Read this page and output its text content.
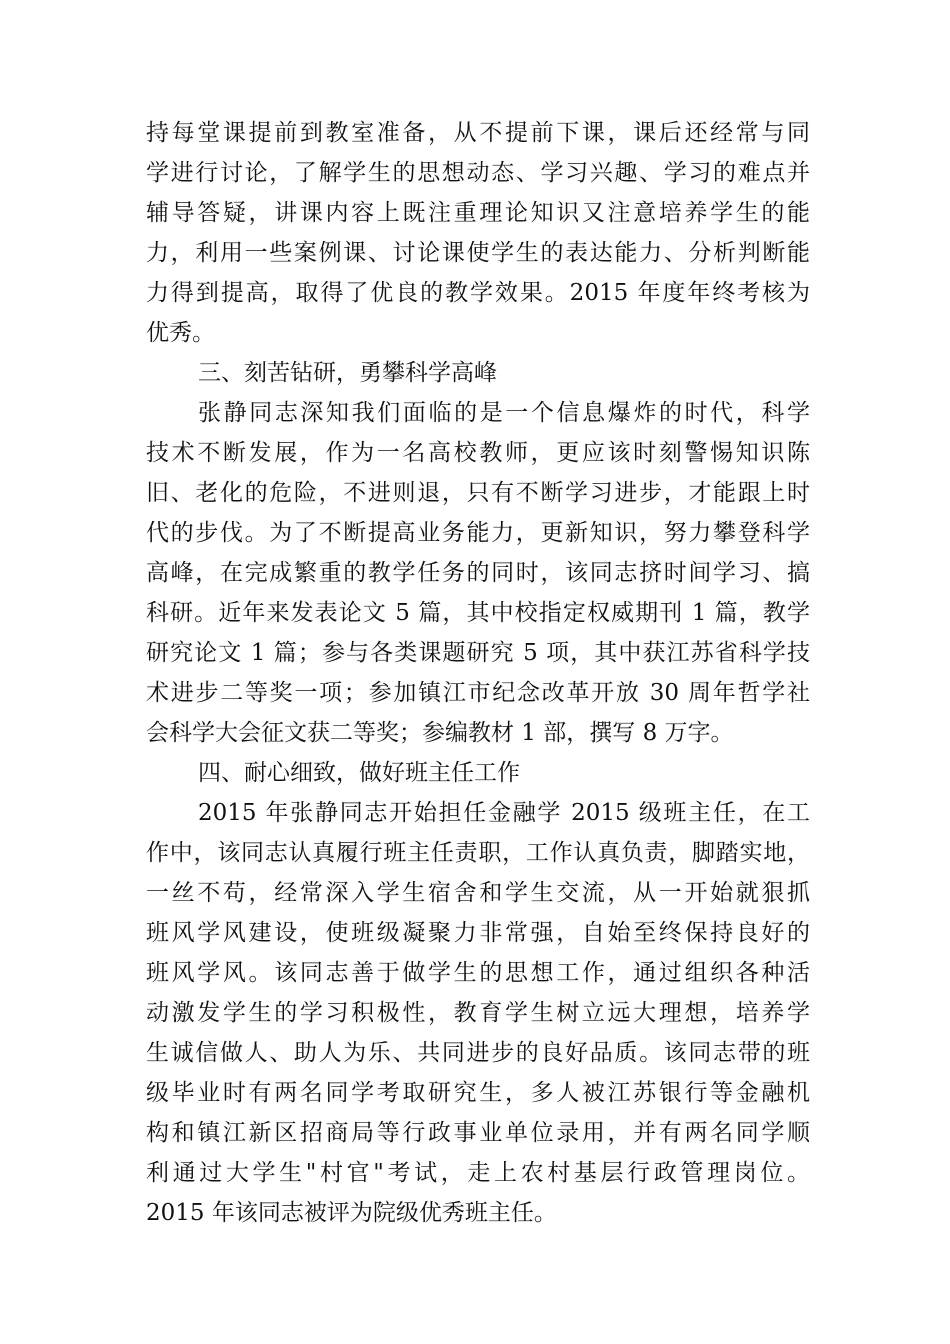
持每堂课提前到教室准备，从不提前下课，课后还经常与同
学进行讨论，了解学生的思想动态、学习兴趣、学习的难点并
辅导答疑，讲课内容上既注重理论知识又注意培养学生的能
力，利用一些案例课、讨论课使学生的表达能力、分析判断能
力得到提高，取得了优良的教学效果。2015 年度年终考核为
优秀。
三、刻苦钻研，勇攀科学高峰
张静同志深知我们面临的是一个信息爆炸的时代，科学
技术不断发展，作为一名高校教师，更应该时刻警惕知识陈
旧、老化的危险，不进则退，只有不断学习进步，才能跟上时
代的步伐。为了不断提高业务能力，更新知识，努力攀登科学
高峰，在完成繁重的教学任务的同时，该同志挤时间学习、搞
科研。近年来发表论文 5 篇，其中校指定权威期刊 1 篇，教学
研究论文 1 篇；参与各类课题研究 5 项，其中获江苏省科学技
术进步二等奖一项；参加镇江市纪念改革开放 30 周年哲学社
会科学大会征文获二等奖；参编教材 1 部，撰写 8 万字。
四、耐心细致，做好班主任工作
2015 年张静同志开始担任金融学 2015 级班主任，在工
作中，该同志认真履行班主任责职，工作认真负责，脚踏实地，
一丝不苟，经常深入学生宿舍和学生交流，从一开始就狠抓
班风学风建设，使班级凝聚力非常强，自始至终保持良好的
班风学风。该同志善于做学生的思想工作，通过组织各种活
动激发学生的学习积极性，教育学生树立远大理想，培养学
生诚信做人、助人为乐、共同进步的良好品质。该同志带的班
级毕业时有两名同学考取研究生，多人被江苏银行等金融机
构和镇江新区招商局等行政事业单位录用，并有两名同学顺
利通过大学生"村官"考试，走上农村基层行政管理岗位。
2015 年该同志被评为院级优秀班主任。
